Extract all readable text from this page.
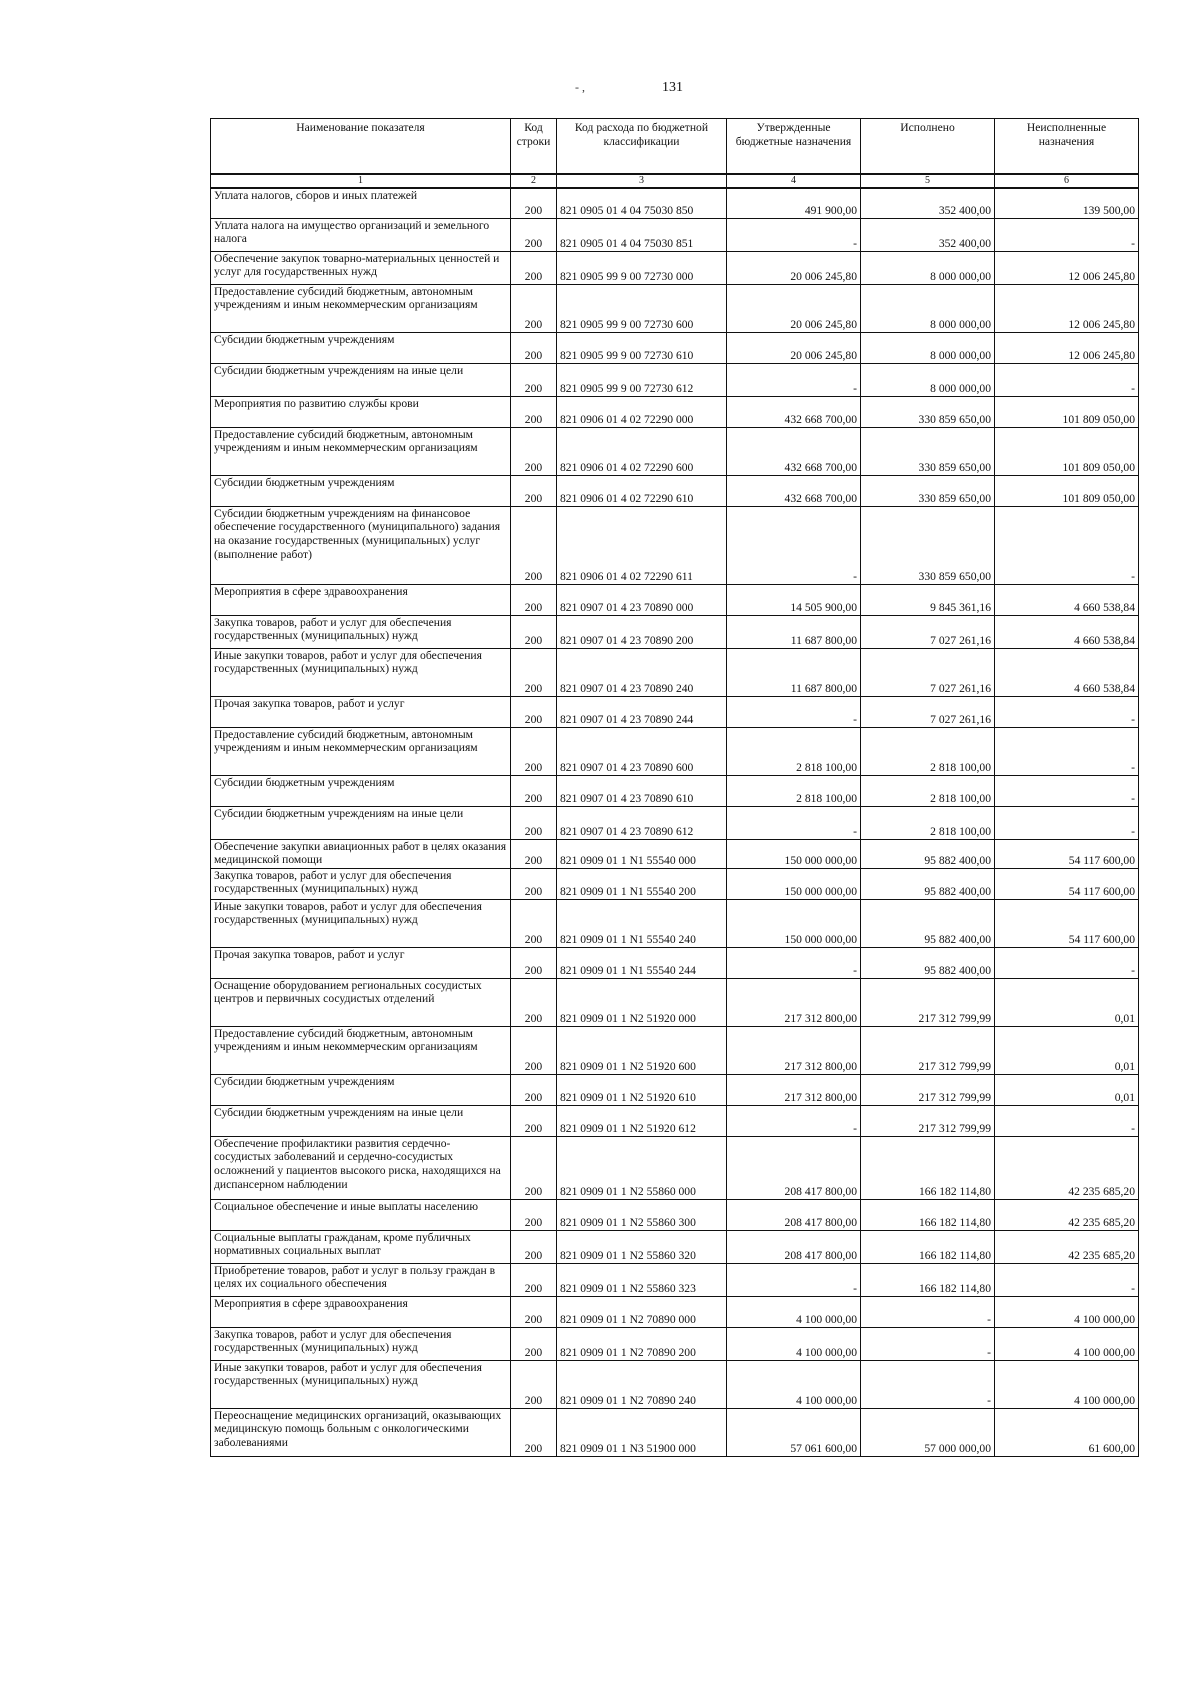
131
- ,
Наименование показателя	Код строки	Код расхода по бюджетной классификации	Утвержденные бюджетные назначения	Исполнено	Неисполненные назначения
1	2	3	4	5	6

Уплата налогов, сборов и иных платежей	200	821 0905 01 4 04 75030 850	491 900,00	352 400,00	139 500,00

Уплата налога на имущество организаций и земельного налога	200	821 0905 01 4 04 75030 851	-	352 400,00	-

Обеспечение закупок товарно-материальных ценностей и услуг для государственных нужд	200	821 0905 99 9 00 72730 000	20 006 245,80	8 000 000,00	12 006 245,80

Предоставление субсидий бюджетным, автономным учреждениям и иным некоммерческим организациям	200	821 0905 99 9 00 72730 600	20 006 245,80	8 000 000,00	12 006 245,80

Субсидии бюджетным учреждениям	200	821 0905 99 9 00 72730 610	20 006 245,80	8 000 000,00	12 006 245,80

Субсидии бюджетным учреждениям на иные цели	200	821 0905 99 9 00 72730 612	-	8 000 000,00	-

Мероприятия по развитию службы крови	200	821 0906 01 4 02 72290 000	432 668 700,00	330 859 650,00	101 809 050,00

Предоставление субсидий бюджетным, автономным учреждениям и иным некоммерческим организациям	200	821 0906 01 4 02 72290 600	432 668 700,00	330 859 650,00	101 809 050,00

Субсидии бюджетным учреждениям	200	821 0906 01 4 02 72290 610	432 668 700,00	330 859 650,00	101 809 050,00

Субсидии бюджетным учреждениям на финансовое обеспечение государственного (муниципального) задания на оказание государственных (муниципальных) услуг (выполнение работ)	200	821 0906 01 4 02 72290 611	-	330 859 650,00	-

Мероприятия в сфере здравоохранения	200	821 0907 01 4 23 70890 000	14 505 900,00	9 845 361,16	4 660 538,84

Закупка товаров, работ и услуг для обеспечения государственных (муниципальных) нужд	200	821 0907 01 4 23 70890 200	11 687 800,00	7 027 261,16	4 660 538,84

Иные закупки товаров, работ и услуг для обеспечения государственных (муниципальных) нужд	200	821 0907 01 4 23 70890 240	11 687 800,00	7 027 261,16	4 660 538,84

Прочая закупка товаров, работ и услуг	200	821 0907 01 4 23 70890 244	-	7 027 261,16	-

Предоставление субсидий бюджетным, автономным учреждениям и иным некоммерческим организациям	200	821 0907 01 4 23 70890 600	2 818 100,00	2 818 100,00	-

Субсидии бюджетным учреждениям	200	821 0907 01 4 23 70890 610	2 818 100,00	2 818 100,00	-

Субсидии бюджетным учреждениям на иные цели	200	821 0907 01 4 23 70890 612	-	2 818 100,00	-

Обеспечение закупки авиационных работ в целях оказания медицинской помощи	200	821 0909 01 1 N1 55540 000	150 000 000,00	95 882 400,00	54 117 600,00

Закупка товаров, работ и услуг для обеспечения государственных (муниципальных) нужд	200	821 0909 01 1 N1 55540 200	150 000 000,00	95 882 400,00	54 117 600,00

Иные закупки товаров, работ и услуг для обеспечения государственных (муниципальных) нужд	200	821 0909 01 1 N1 55540 240	150 000 000,00	95 882 400,00	54 117 600,00

Прочая закупка товаров, работ и услуг	200	821 0909 01 1 N1 55540 244	-	95 882 400,00	-

Оснащение оборудованием региональных сосудистых центров и первичных сосудистых отделений	200	821 0909 01 1 N2 51920 000	217 312 800,00	217 312 799,99	0,01

Предоставление субсидий бюджетным, автономным учреждениям и иным некоммерческим организациям	200	821 0909 01 1 N2 51920 600	217 312 800,00	217 312 799,99	0,01

Субсидии бюджетным учреждениям	200	821 0909 01 1 N2 51920 610	217 312 800,00	217 312 799,99	0,01

Субсидии бюджетным учреждениям на иные цели	200	821 0909 01 1 N2 51920 612	-	217 312 799,99	-

Обеспечение профилактики развития сердечно-сосудистых заболеваний и сердечно-сосудистых осложнений у пациентов высокого риска, находящихся на диспансерном наблюдении	200	821 0909 01 1 N2 55860 000	208 417 800,00	166 182 114,80	42 235 685,20

Социальное обеспечение и иные выплаты населению	200	821 0909 01 1 N2 55860 300	208 417 800,00	166 182 114,80	42 235 685,20

Социальные выплаты гражданам, кроме публичных нормативных социальных выплат	200	821 0909 01 1 N2 55860 320	208 417 800,00	166 182 114,80	42 235 685,20

Приобретение товаров, работ и услуг в пользу граждан в целях их социального обеспечения	200	821 0909 01 1 N2 55860 323	-	166 182 114,80	-

Мероприятия в сфере здравоохранения	200	821 0909 01 1 N2 70890 000	4 100 000,00	-	4 100 000,00

Закупка товаров, работ и услуг для обеспечения государственных (муниципальных) нужд	200	821 0909 01 1 N2 70890 200	4 100 000,00	-	4 100 000,00

Иные закупки товаров, работ и услуг для обеспечения государственных (муниципальных) нужд	200	821 0909 01 1 N2 70890 240	4 100 000,00	-	4 100 000,00

Переоснащение медицинских организаций, оказывающих медицинскую помощь больным с онкологическими заболеваниями	200	821 0909 01 1 N3 51900 000	57 061 600,00	57 000 000,00	61 600,00
